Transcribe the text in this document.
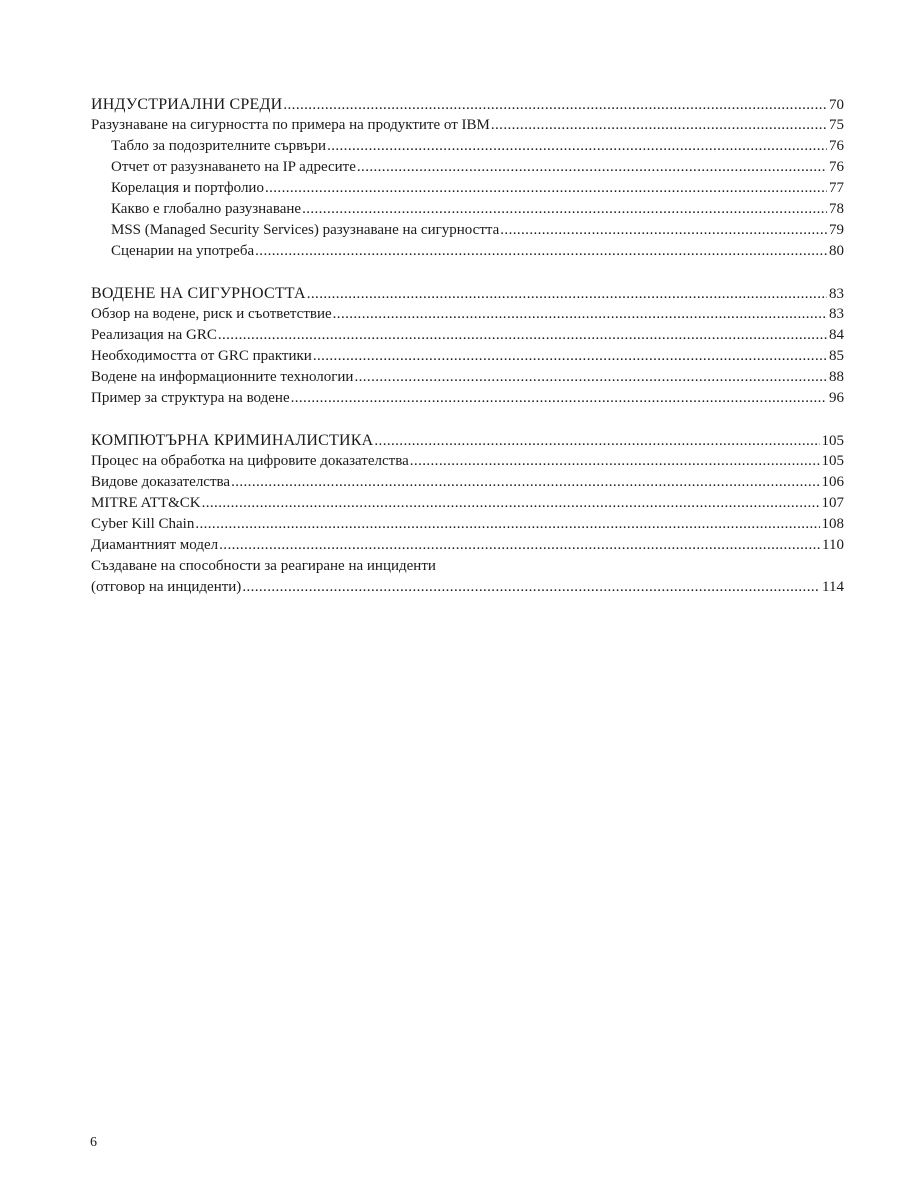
ИНДУСТРИАЛНИ СРЕДИ .....	70
Разузнаване на сигурността по примера на продуктите от IBM .....	75
Табло за подозрителните сървъри .....	76
Отчет от разузнаването на IP адресите .....	76
Корелация и портфолио .....	77
Какво е глобално разузнаване .....	78
MSS (Managed Security Services) разузнаване на сигурността .....	79
Сценарии на употреба .....	80
ВОДЕНЕ НА СИГУРНОСТТА .....	83
Обзор на водене, риск и съответствие .....	83
Реализация на GRC .....	84
Необходимостта от GRC практики .....	85
Водене на информационните технологии .....	88
Пример за структура на водене .....	96
КОМПЮТЪРНА КРИМИНАЛИСТИКА .....	105
Процес на обработка на цифровите доказателства .....	105
Видове доказателства .....	106
MITRE ATT&CK .....	107
Cyber Kill Chain .....	108
Диамантният модел .....	110
Създаване на способности за реагиране на инциденти
(отговор на инциденти) .....	114
6
